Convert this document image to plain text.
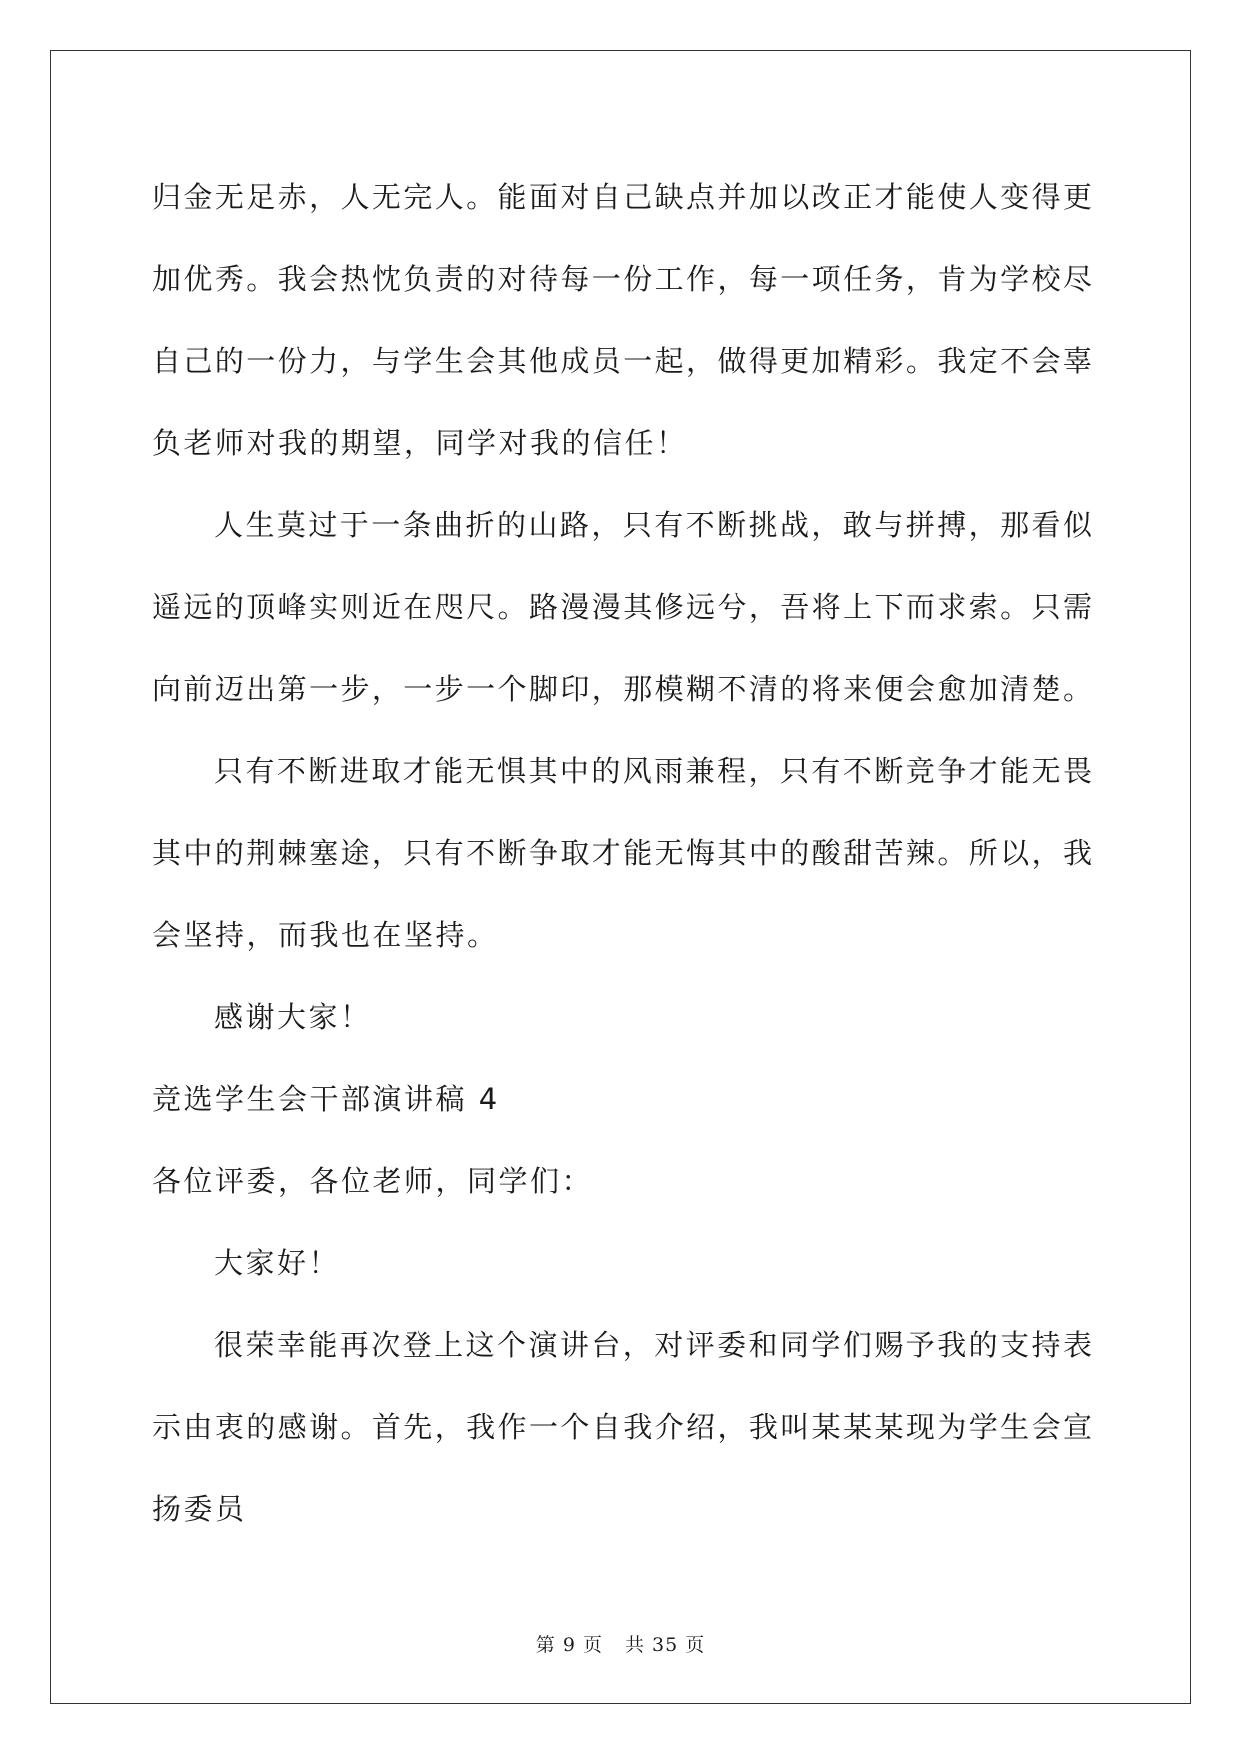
归金无足赤，人无完人。能面对自己缺点并加以改正才能使人变得更
加优秀。我会热忱负责的对待每一份工作，每一项任务，肯为学校尽
自己的一份力，与学生会其他成员一起，做得更加精彩。我定不会辜
负老师对我的期望，同学对我的信任！
人生莫过于一条曲折的山路，只有不断挑战，敢与拼搏，那看似
遥远的顶峰实则近在咫尺。路漫漫其修远兮，吾将上下而求索。只需
向前迈出第一步，一步一个脚印，那模糊不清的将来便会愈加清楚。
只有不断进取才能无惧其中的风雨兼程，只有不断竞争才能无畏
其中的荆棘塞途，只有不断争取才能无悔其中的酸甜苦辣。所以，我
会坚持，而我也在坚持。
感谢大家！
竞选学生会干部演讲稿 4
各位评委，各位老师，同学们：
大家好！
很荣幸能再次登上这个演讲台，对评委和同学们赐予我的支持表
示由衷的感谢。首先，我作一个自我介绍，我叫某某某现为学生会宣
扬委员
第 9 页 共 35 页
